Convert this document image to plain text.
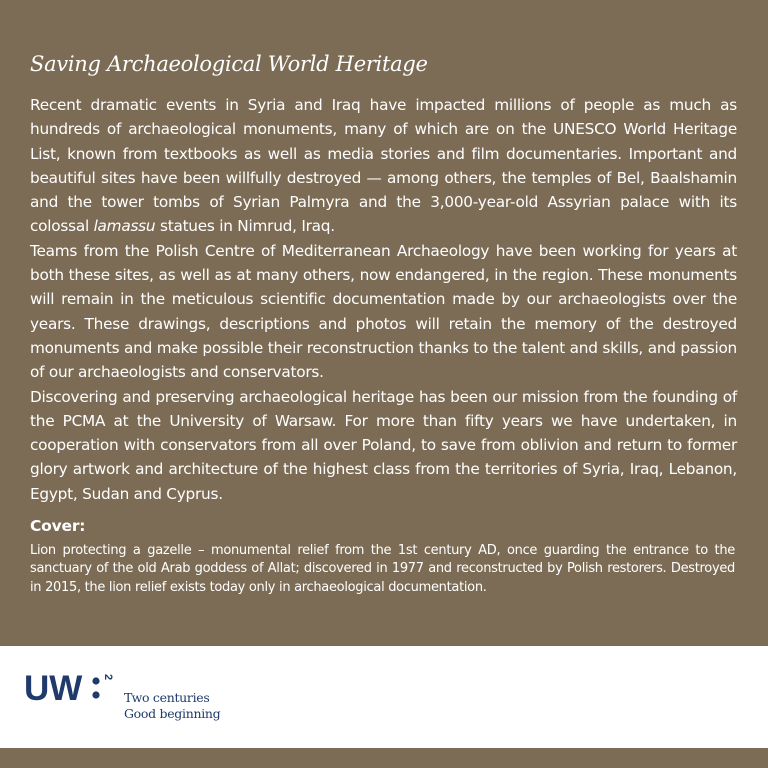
Saving Archaeological World Heritage

Recent dramatic events in Syria and Iraq have impacted millions of people as much as hundreds of archaeological monuments, many of which are on the UNESCO World Heritage List, known from textbooks as well as media stories and film documentaries. Important and beautiful sites have been willfully destroyed — among others, the temples of Bel, Baalshamin and the tower tombs of Syrian Palmyra and the 3,000-year-old Assyrian palace with its colossal lamassu statues in Nimrud, Iraq.

Teams from the Polish Centre of Mediterranean Archaeology have been working for years at both these sites, as well as at many others, now endangered, in the region. These monuments will remain in the meticulous scientific documentation made by our archaeologists over the years. These drawings, descriptions and photos will retain the memory of the destroyed monuments and make possible their reconstruction thanks to the talent and skills, and passion of our archaeologists and conservators.

Discovering and preserving archaeological heritage has been our mission from the founding of the PCMA at the University of Warsaw. For more than fifty years we have undertaken, in cooperation with conservators from all over Poland, to save from oblivion and return to former glory artwork and architecture of the highest class from the territories of Syria, Iraq, Lebanon, Egypt, Sudan and Cyprus.

Cover:
Lion protecting a gazelle – monumental relief from the 1st century AD, once guarding the entrance to the sanctuary of the old Arab goddess of Allat; discovered in 1977 and reconstructed by Polish restorers. Destroyed in 2015, the lion relief exists today only in archaeological documentation.
UW 2
Two centuries
Good beginning
